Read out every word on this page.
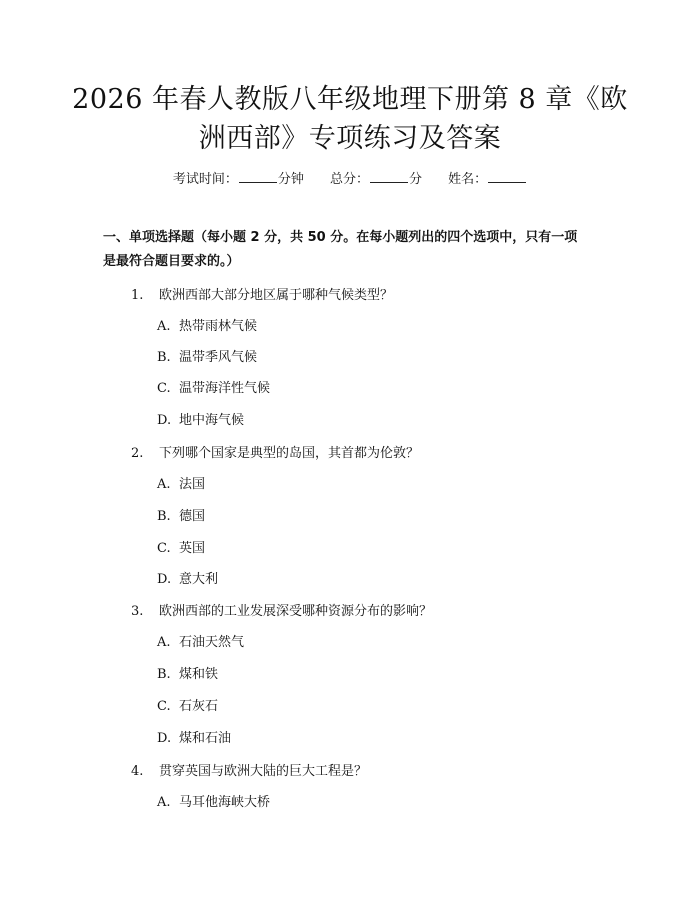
2026 年春人教版八年级地理下册第 8 章《欧
洲西部》专项练习及答案
考试时间：	分钟 总分：	分 姓名：
一、单项选择题（每小题 2 分，共 50 分。在每小题列出的四个选项中，只有一项
是最符合题目要求的。）
1. 欧洲西部大部分地区属于哪种气候类型？
A. 热带雨林气候
B. 温带季风气候
C. 温带海洋性气候
D. 地中海气候
2. 下列哪个国家是典型的岛国，其首都为伦敦？
A. 法国
B. 德国
C. 英国
D. 意大利
3. 欧洲西部的工业发展深受哪种资源分布的影响？
A. 石油天然气
B. 煤和铁
C. 石灰石
D. 煤和石油
4. 贯穿英国与欧洲大陆的巨大工程是？
A. 马耳他海峡大桥
